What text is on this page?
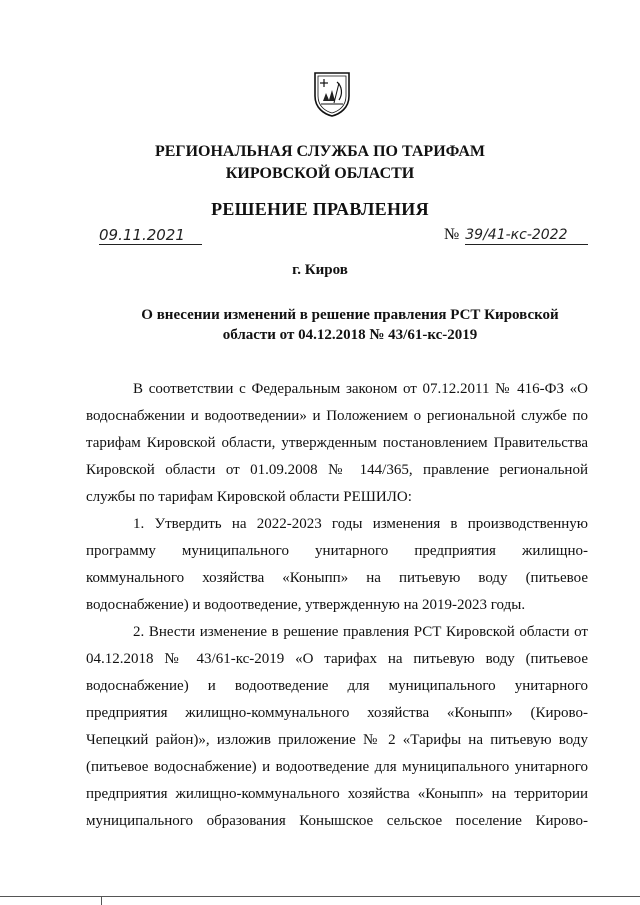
РЕГИОНАЛЬНАЯ СЛУЖБА ПО ТАРИФАМ
КИРОВСКОЙ ОБЛАСТИ
РЕШЕНИЕ ПРАВЛЕНИЯ
09.11.2021	№ 39/41-кс-2022
г. Киров
О внесении изменений в решение правления РСТ Кировской
области от 04.12.2018 № 43/61-кс-2019
В соответствии с Федеральным законом от 07.12.2011 № 416-ФЗ «О
водоснабжении и водоотведении» и Положением о региональной службе по
тарифам Кировской области, утвержденным постановлением Правительства
Кировской области от 01.09.2008 № 144/365, правление региональной
службы по тарифам Кировской области РЕШИЛО:
1. Утвердить на 2022-2023 годы изменения в производственную
программу муниципального унитарного предприятия жилищно-
коммунального хозяйства «Коныпп» на питьевую воду (питьевое
водоснабжение) и водоотведение, утвержденную на 2019-2023 годы.
2. Внести изменение в решение правления РСТ Кировской области от
04.12.2018 № 43/61-кс-2019 «О тарифах на питьевую воду (питьевое
водоснабжение) и водоотведение для муниципального унитарного
предприятия жилищно-коммунального хозяйства «Коныпп» (Кирово-
Чепецкий район)», изложив приложение № 2 «Тарифы на питьевую воду
(питьевое водоснабжение) и водоотведение для муниципального унитарного
предприятия жилищно-коммунального хозяйства «Коныпп» на территории
муниципального образования Конышское сельское поселение Кирово-
